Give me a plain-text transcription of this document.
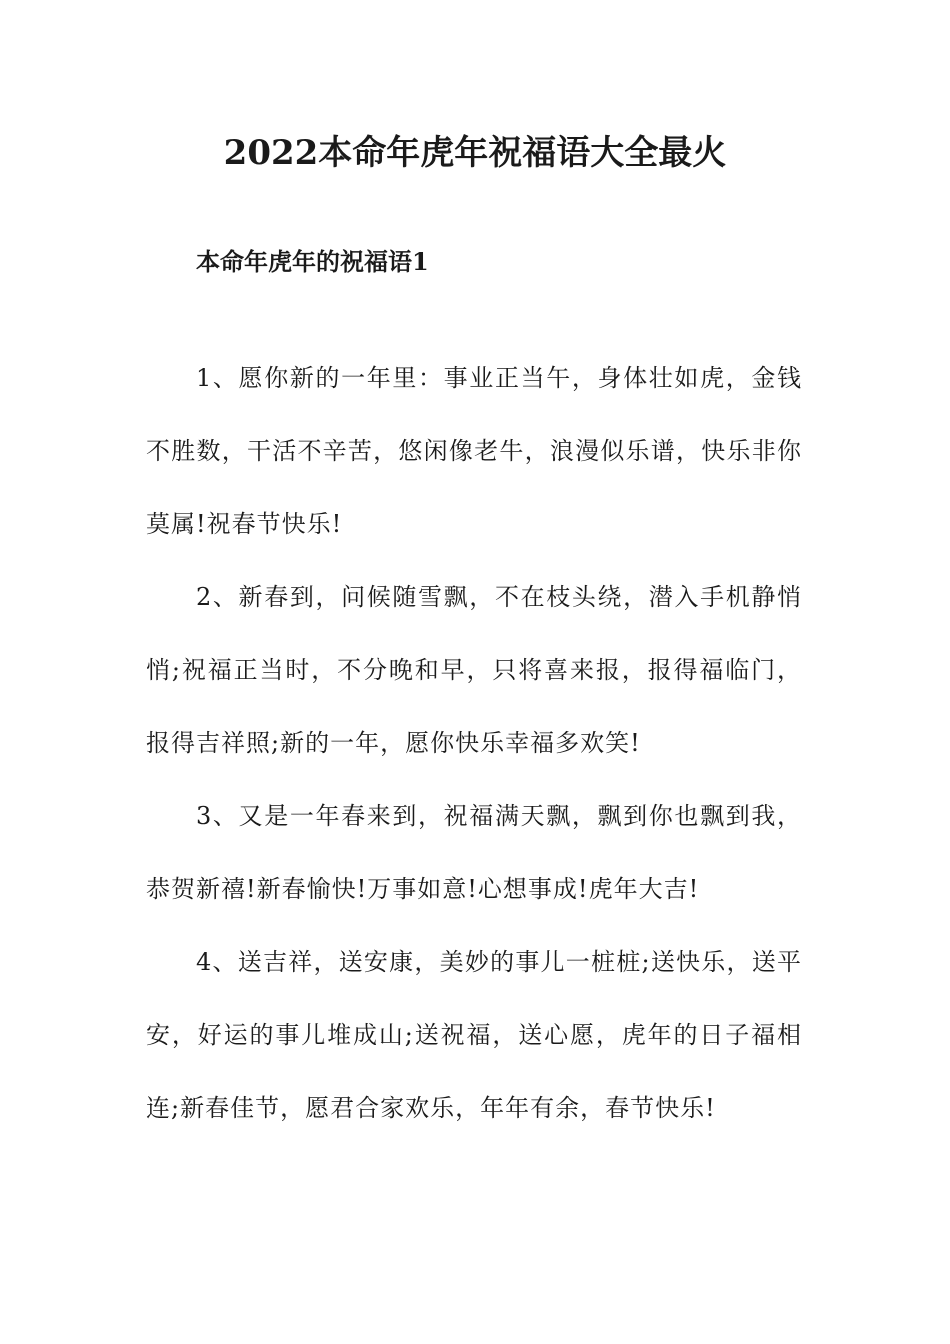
2022本命年虎年祝福语大全最火
本命年虎年的祝福语1

1、愿你新的一年里：事业正当午，身体壮如虎，金钱不胜数，干活不辛苦，悠闲像老牛，浪漫似乐谱，快乐非你莫属!祝春节快乐!

2、新春到，问候随雪飘，不在枝头绕，潜入手机静悄悄;祝福正当时，不分晚和早，只将喜来报，报得福临门，报得吉祥照;新的一年，愿你快乐幸福多欢笑!

3、又是一年春来到，祝福满天飘，飘到你也飘到我，恭贺新禧!新春愉快!万事如意!心想事成!虎年大吉!

4、送吉祥，送安康，美妙的事儿一桩桩;送快乐，送平安，好运的事儿堆成山;送祝福，送心愿，虎年的日子福相连;新春佳节，愿君合家欢乐，年年有余，春节快乐!
